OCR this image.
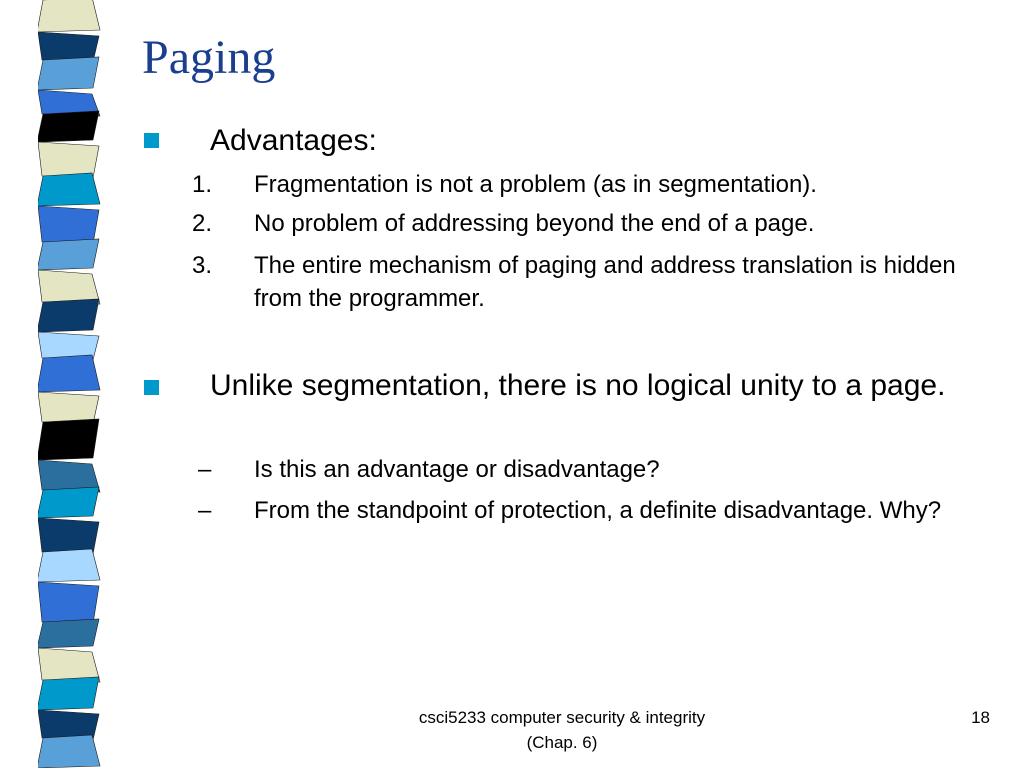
Paging

Advantages:

1. Fragmentation is not a problem (as in segmentation).
2. No problem of addressing beyond the end of a page.
3. The entire mechanism of paging and address translation is hidden from the programmer.

Unlike segmentation, there is no logical unity to a page.

– Is this an advantage or disadvantage?
– From the standpoint of protection, a definite disadvantage. Why?
csci5233 computer security & integrity (Chap. 6)
18
